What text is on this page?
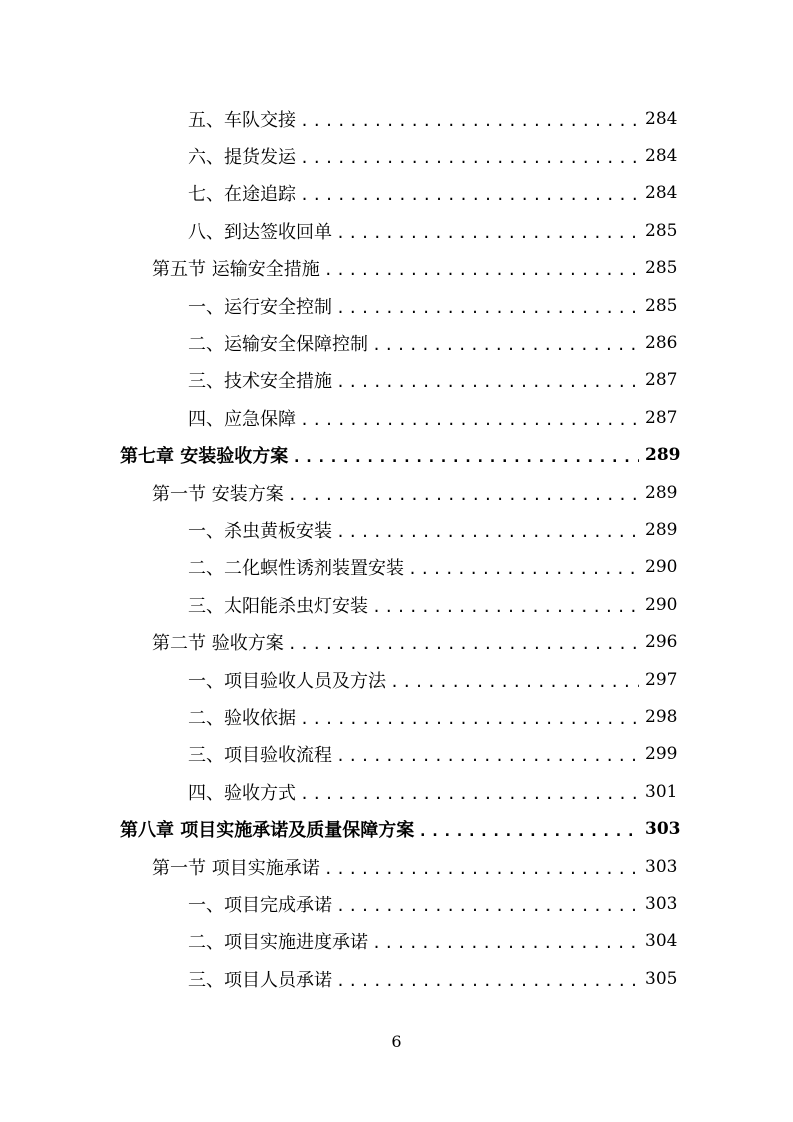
五、车队交接 .....	284
六、提货发运 .....	284
七、在途追踪 .....	284
八、到达签收回单 .....	285
第五节 运输安全措施 .....	285
一、运行安全控制 .....	285
二、运输安全保障控制 .....	286
三、技术安全措施 .....	287
四、应急保障 .....	287
第七章 安装验收方案 .....	289
第一节 安装方案 .....	289
一、杀虫黄板安装 .....	289
二、二化螟性诱剂装置安装 .....	290
三、太阳能杀虫灯安装 .....	290
第二节 验收方案 .....	296
一、项目验收人员及方法 .....	297
二、验收依据 .....	298
三、项目验收流程 .....	299
四、验收方式 .....	301
第八章 项目实施承诺及质量保障方案 .....	303
第一节 项目实施承诺 .....	303
一、项目完成承诺 .....	303
二、项目实施进度承诺 .....	304
三、项目人员承诺 .....	305
6
